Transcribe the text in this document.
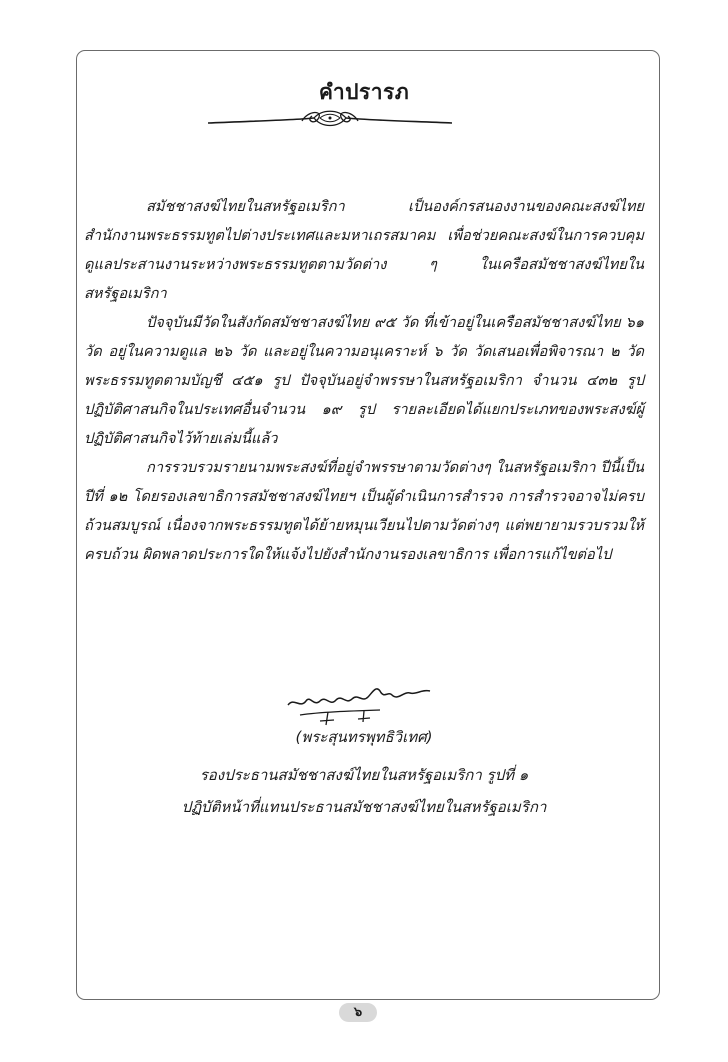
คำปรารภ

สมัชชาสงฆ์ไทยในสหรัฐอเมริกา เป็นองค์กรสนองงานของคณะสงฆ์ไทย สำนักงานพระธรรมทูตไปต่างประเทศและมหาเถรสมาคม เพื่อช่วยคณะสงฆ์ในการควบคุมดูแลประสานงานระหว่างพระธรรมทูตตามวัดต่าง ๆ ในเครือสมัชชาสงฆ์ไทยในสหรัฐอเมริกา

ปัจจุบันมีวัดในสังกัดสมัชชาสงฆ์ไทย ๙๕ วัด ที่เข้าอยู่ในเครือสมัชชาสงฆ์ไทย ๖๑ วัด อยู่ในความดูแล ๒๖ วัด และอยู่ในความอนุเคราะห์ ๖ วัด วัดเสนอเพื่อพิจารณา ๒ วัด พระธรรมทูตตามบัญชี ๔๕๑ รูป ปัจจุบันอยู่จำพรรษาในสหรัฐอเมริกา จำนวน ๔๓๒ รูป ปฏิบัติศาสนกิจในประเทศอื่นจำนวน ๑๙ รูป รายละเอียดได้แยกประเภทของพระสงฆ์ผู้ปฏิบัติศาสนกิจไว้ท้ายเล่มนี้แล้ว

การรวบรวมรายนามพระสงฆ์ที่อยู่จำพรรษาตามวัดต่างๆ ในสหรัฐอเมริกา ปีนี้เป็นปีที่ ๑๒ โดยรองเลขาธิการสมัชชาสงฆ์ไทยฯ เป็นผู้ดำเนินการสำรวจ การสำรวจอาจไม่ครบถ้วนสมบูรณ์ เนื่องจากพระธรรมทูตได้ย้ายหมุนเวียนไปตามวัดต่างๆ แต่พยายามรวบรวมให้ครบถ้วน ผิดพลาดประการใดให้แจ้งไปยังสำนักงานรองเลขาธิการ เพื่อการแก้ไขต่อไป

(พระสุนทรพุทธิวิเทศ)
รองประธานสมัชชาสงฆ์ไทยในสหรัฐอเมริกา รูปที่ ๑
ปฏิบัติหน้าที่แทนประธานสมัชชาสงฆ์ไทยในสหรัฐอเมริกา
๖
